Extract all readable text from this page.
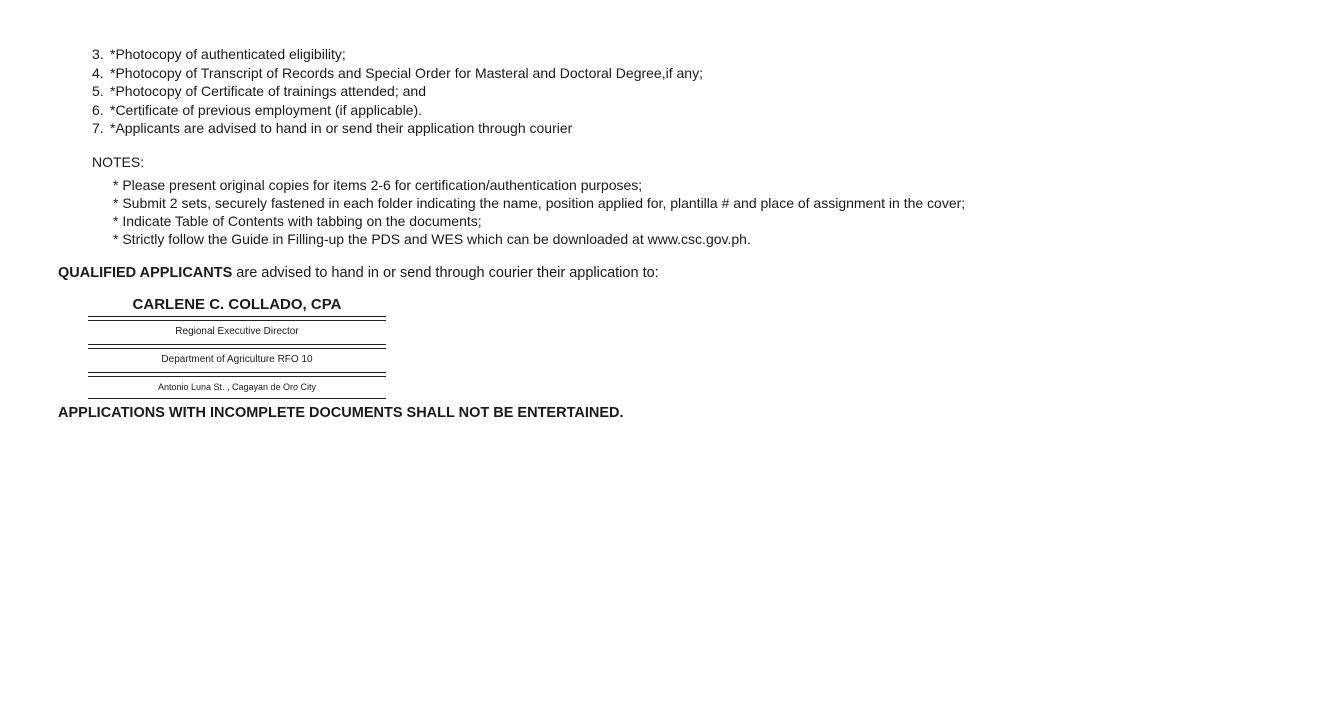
3. *Photocopy of authenticated eligibility;
4. *Photocopy of Transcript of Records and Special Order for Masteral and Doctoral Degree,if any;
5. *Photocopy of Certificate of trainings attended; and
6. *Certificate of previous employment (if applicable).
7. *Applicants are advised to hand in or send their application through courier
NOTES:
* Please present original copies for items 2-6 for certification/authentication purposes;
* Submit 2 sets, securely fastened in each folder indicating the name, position applied for, plantilla # and place of assignment in the cover;
* Indicate Table of Contents with tabbing on the documents;
* Strictly follow the Guide in Filling-up the PDS and WES which can be downloaded at www.csc.gov.ph.
QUALIFIED APPLICANTS are advised to hand in or send through courier their application to:
CARLENE C. COLLADO, CPA
Regional Executive Director
Department of Agriculture RFO 10
Antonio Luna St. , Cagayan de Oro City
APPLICATIONS WITH INCOMPLETE DOCUMENTS SHALL NOT BE ENTERTAINED.
